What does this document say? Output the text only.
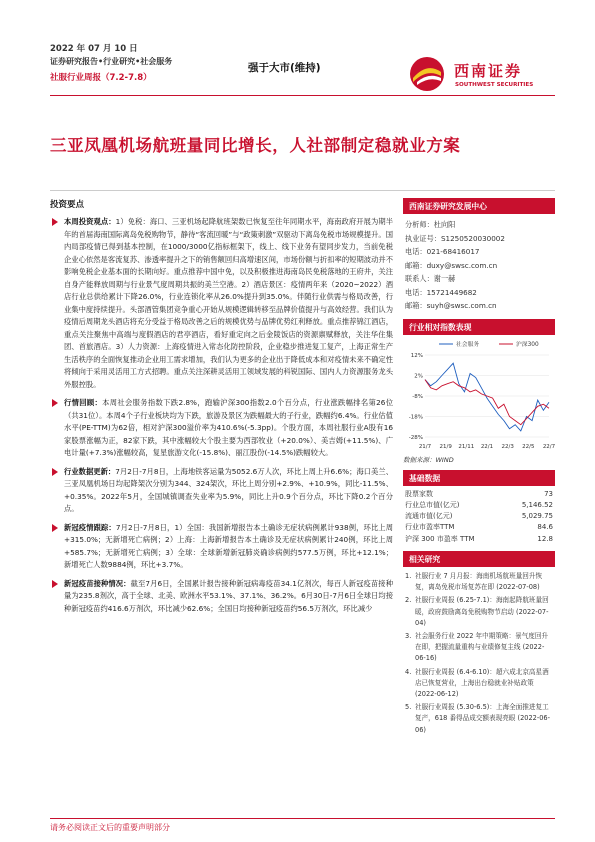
2022 年 07 月 10 日
证券研究报告•行业研究•社会服务
社服行业周报（7.2-7.8）
强于大市(维持)	西南证券
SOUTHWEST SECURITIES
三亚凤凰机场航班量同比增长，人社部制定稳就业方案
投资要点
本周投资观点：1）免税：海口、三亚机场起降航班架数已恢复至往年同期水平，海南政府开展为期半年的首届海南国际离岛免税购物节，静待“客流回暖”与“政策刺激”双驱动下离岛免税市场规模提升。国内局部疫情已得到基本控制，在1000/3000亿指标框架下，线上、线下业务有望同步发力，当前免税企业心依然是客流复苏、渗透率提升之下的销售额回归高增速区间，市场份额与折扣率的短期波动并不影响免税企业基本面的长期向好。重点推荐中国中免，以及积极推进海南岛民免税落地的王府井，关注自身产能释放周期与行业景气度周期共振的美兰空港。2）酒店景区：疫情两年来（2020~2022）酒店行业总供给累计下降26.0%，行业连锁化率从26.0%提升到35.0%。伴随行业供需与格局改善，行业集中度持续提升。头部酒管集团竞争重心开始从规模逻辑转移至品牌价值提升与高效经营。我们认为疫情后周期龙头酒店将充分受益于格局改善之后的规模优势与品牌优势红利释放。重点推荐锦江酒店，重点关注聚焦中高端与度假酒店的君亭酒店，看好重定向之后金陵饭店的资源禀赋释放，关注华住集团、首旅酒店。3）人力资源：上海疫情进入常态化防控阶段，企业稳步推进复工复产，上海正常生产生活秩序的全面恢复推动企业用工需求增加，我们认为更多的企业出于降低成本和对疫情未来不确定性将倾向于采用灵活用工方式招聘。重点关注深耕灵活用工领域发展的科锐国际、国内人力资源服务龙头外服控股。
行情回顾：本周社会服务指数下跌2.8%，跑输沪深300指数2.0个百分点，行业涨跌幅排名第26位（共31位）。本周4个子行业板块均为下跌，旅游及景区为跌幅最大的子行业，跌幅约6.4%。行业估值水平(PE-TTM)为62倍，相对沪深300溢价率为410.6%(-5.3pp)。个股方面，本周社服行业A股有16家股票涨幅为正，82家下跌，其中涨幅较大个股主要为西部牧业（+20.0%）、美吉姆(+11.5%)、广电计量(+7.3%)涨幅较高，复星旅游文化(-15.8%)、丽江股份(-14.5%)跌幅较大。
行业数据更新：7月2日-7月8日，上海地铁客运量为5052.6万人次，环比上周上升6.6%；海口美兰、三亚凤凰机场日均起降架次分别为344、324架次，环比上周分别+2.9%、+10.9%，同比-11.5%、+0.35%。2022年5月，全国城镇调查失业率为5.9%，同比上升0.9个百分点，环比下降0.2个百分点。
新冠疫情跟踪：7月2日-7月8日，1）全国：我国新增报告本土确诊无症状病例累计938例，环比上周+315.0%；无新增死亡病例；2）上海：上海新增报告本土确诊及无症状病例累计240例，环比上周+585.7%；无新增死亡病例；3）全球：全球新增新冠肺炎确诊病例约577.5万例，环比+12.1%；新增死亡人数9884例，环比+3.7%。
新冠疫苗接种情况：截至7月6日，全国累计报告接种新冠病毒疫苗34.1亿剂次，每百人新冠疫苗接种量为235.8剂次，高于全球、北美、欧洲水平53.1%、37.1%、36.2%。6月30日-7月6日全球日均接种新冠疫苗约416.6万剂次，环比减少62.6%；全国日均接种新冠疫苗约56.5万剂次，环比减少
西南证券研究发展中心
分析师：杜向阳
执业证号：S1250520030002
电话：021-68416017
邮箱：duxy@swsc.com.cn
联系人：谢一赫
电话：15721449682
邮箱：suyh@swsc.com.cn
行业相对指数表现
12%
2%
-8%
-18%
-28%
21/7 21/9 21/11 22/1 22/3 22/5 22/7
社会服务	沪深300
数据来源：WIND
基础数据
股票家数	73
行业总市值(亿元)	5,146.52
流通市值(亿元)	5,029.75
行业市盈率TTM	84.6
沪深 300 市盈率 TTM	12.8
相关研究
1. 社服行业 7 月月报：海南机场航班量回升恢复，离岛免税市场复苏在即 (2022-07-08)
2. 社服行业周报 (6.25-7.1)：海南起降航班量回暖，政府鼓励离岛免税购物节启动 (2022-07-04)
3. 社会服务行业 2022 年中期策略：景气度回升在即，把握流量重构与业绩修复主线 (2022-06-16)
4. 社服行业周报 (6.4-6.10)：超六成北京高星酒店已恢复营业，上海出台稳就业补贴政策 (2022-06-12)
5. 社服行业周报 (5.30-6.5)：上海全面推进复工复产，618 番得品成交额表现亮眼 (2022-06-06)
请务必阅读正文后的重要声明部分
